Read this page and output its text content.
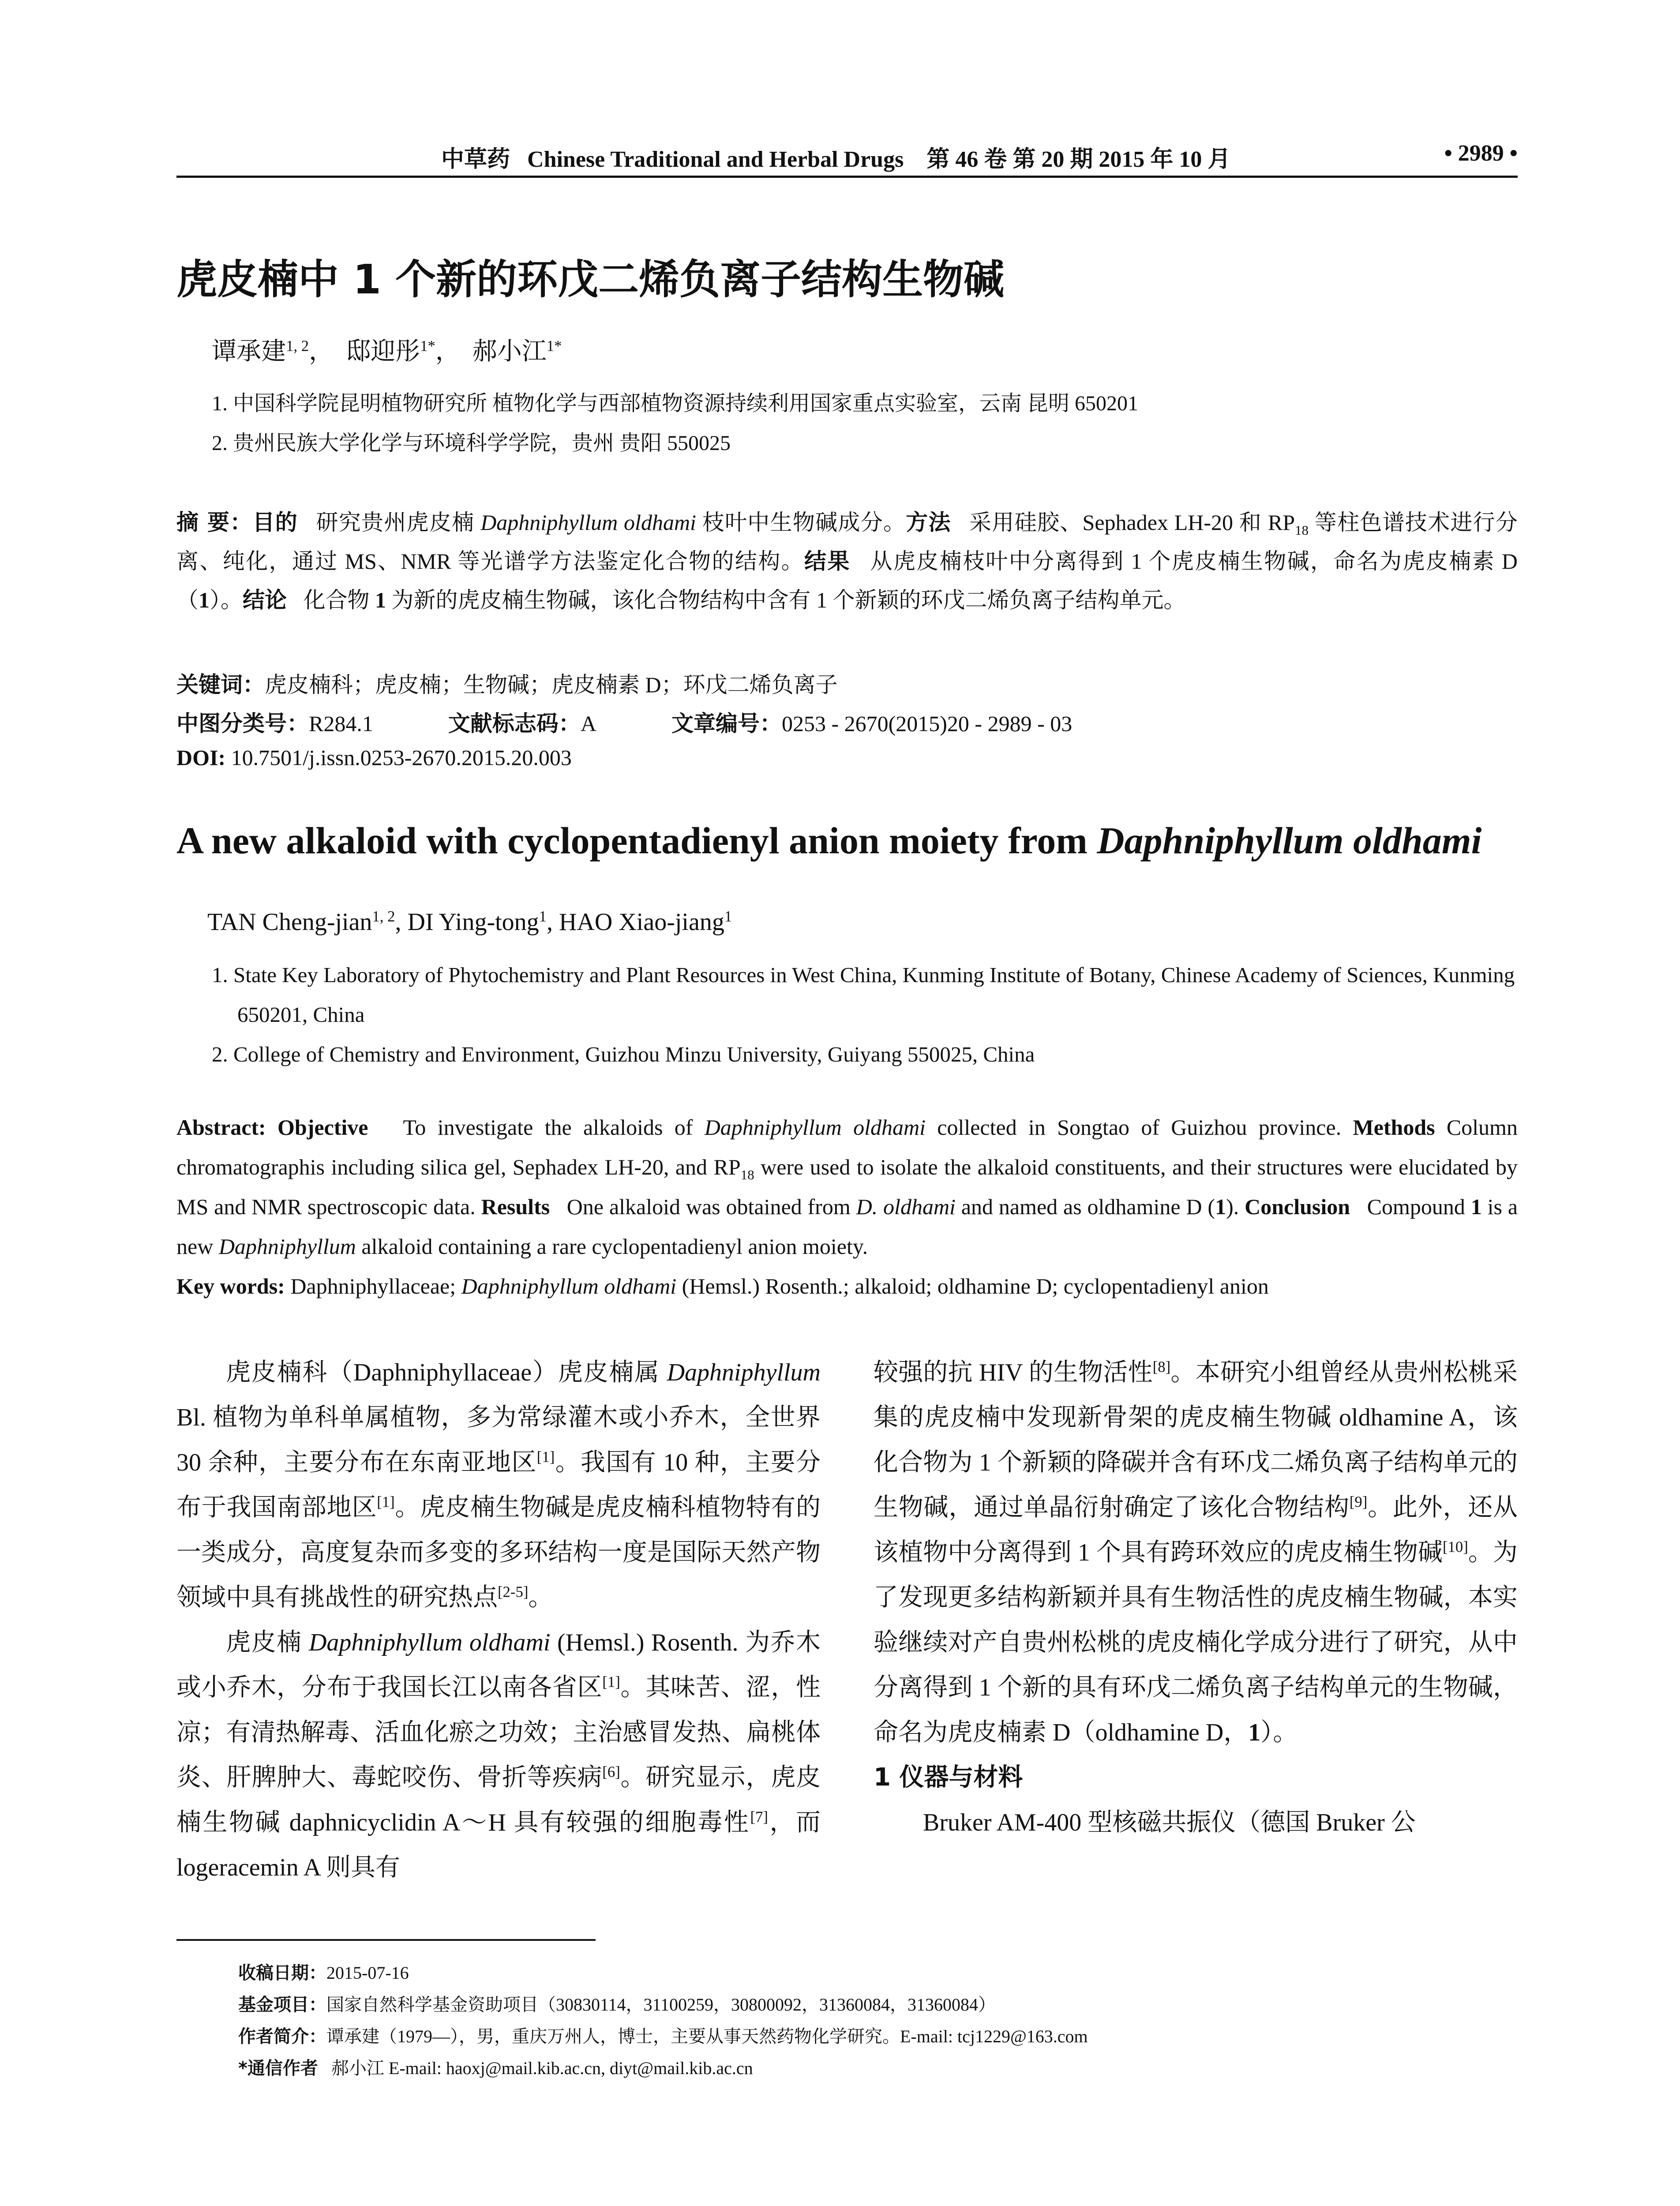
中草药 Chinese Traditional and Herbal Drugs 第 46 卷 第 20 期 2015 年 10 月	• 2989 •
虎皮楠中 1 个新的环戊二烯负离子结构生物碱
谭承建$^{1, 2}$，  邸迎彤$^{1*}$，  郝小江$^{1*}$
1. 中国科学院昆明植物研究所 植物化学与西部植物资源持续利用国家重点实验室，云南 昆明 650201
2. 贵州民族大学化学与环境科学学院，贵州 贵阳 550025
摘 要：目的 研究贵州虎皮楠 Daphniphyllum oldhami 枝叶中生物碱成分。方法 采用硅胶、Sephadex LH-20 和 $RP_{18}$ 等柱色谱技术进行分离、纯化，通过 MS、NMR 等光谱学方法鉴定化合物的结构。结果 从虎皮楠枝叶中分离得到 1 个虎皮楠生物碱，命名为虎皮楠素 D（1）。结论 化合物 1 为新的虎皮楠生物碱，该化合物结构中含有 1 个新颖的环戊二烯负离子结构单元。
关键词：虎皮楠科；虎皮楠；生物碱；虎皮楠素 D；环戊二烯负离子
中图分类号：R284.1	文献标志码：A	文章编号：0253 - 2670(2015)20 - 2989 - 03
DOI: 10.7501/j.issn.0253-2670.2015.20.003
A new alkaloid with cyclopentadienyl anion moiety from Daphniphyllum oldhami
TAN Cheng-jian$^{1, 2}$, DI Ying-tong$^1$, HAO Xiao-jiang$^1$
1. State Key Laboratory of Phytochemistry and Plant Resources in West China, Kunming Institute of Botany, Chinese Academy of Sciences, Kunming 650201, China
2. College of Chemistry and Environment, Guizhou Minzu University, Guiyang 550025, China
Abstract: Objective To investigate the alkaloids of Daphniphyllum oldhami collected in Songtao of Guizhou province. Methods Column chromatographis including silica gel, Sephadex LH-20, and $RP_{18}$ were used to isolate the alkaloid constituents, and their structures were elucidated by MS and NMR spectroscopic data. Results One alkaloid was obtained from D. oldhami and named as oldhamine D (1). Conclusion Compound 1 is a new Daphniphyllum alkaloid containing a rare cyclopentadienyl anion moiety.

Key words: Daphniphyllaceae; Daphniphyllum oldhami (Hemsl.) Rosenth.; alkaloid; oldhamine D; cyclopentadienyl anion

虎皮楠科（Daphniphyllaceae）虎皮楠属 Daphniphyllum Bl. 植物为单科单属植物，多为常绿灌木或小乔木，全世界 30 余种，主要分布在东南亚地区[1]。我国有 10 种，主要分布于我国南部地区[1]。虎皮楠生物碱是虎皮楠科植物特有的一类成分，高度复杂而多变的多环结构一度是国际天然产物领域中具有挑战性的研究热点[2-5]。

虎皮楠 Daphniphyllum oldhami (Hemsl.) Rosenth. 为乔木或小乔木，分布于我国长江以南各省区[1]。其味苦、涩，性凉；有清热解毒、活血化瘀之功效；主治感冒发热、扁桃体炎、肝脾肿大、毒蛇咬伤、骨折等疾病[6]。研究显示，虎皮楠生物碱 daphnicyclidin A～H 具有较强的细胞毒性[7]，而 logeracemin A 则具有

较强的抗 HIV 的生物活性[8]。本研究小组曾经从贵州松桃采集的虎皮楠中发现新骨架的虎皮楠生物碱 oldhamine A，该化合物为 1 个新颖的降碳并含有环戊二烯负离子结构单元的生物碱，通过单晶衍射确定了该化合物结构[9]。此外，还从该植物中分离得到 1 个具有跨环效应的虎皮楠生物碱[10]。为了发现更多结构新颖并具有生物活性的虎皮楠生物碱，本实验继续对产自贵州松桃的虎皮楠化学成分进行了研究，从中分离得到 1 个新的具有环戊二烯负离子结构单元的生物碱，命名为虎皮楠素 D（oldhamine D，1）。

1 仪器与材料

Bruker AM-400 型核磁共振仪（德国 Bruker 公

收稿日期：2015-07-16
基金项目：国家自然科学基金资助项目（30830114，31100259，30800092，31360084，31360084）
作者简介：谭承建（1979—），男，重庆万州人，博士，主要从事天然药物化学研究。E-mail: tcj1229@163.com
*通信作者 郝小江 E-mail: haoxj@mail.kib.ac.cn, diyt@mail.kib.ac.cn
